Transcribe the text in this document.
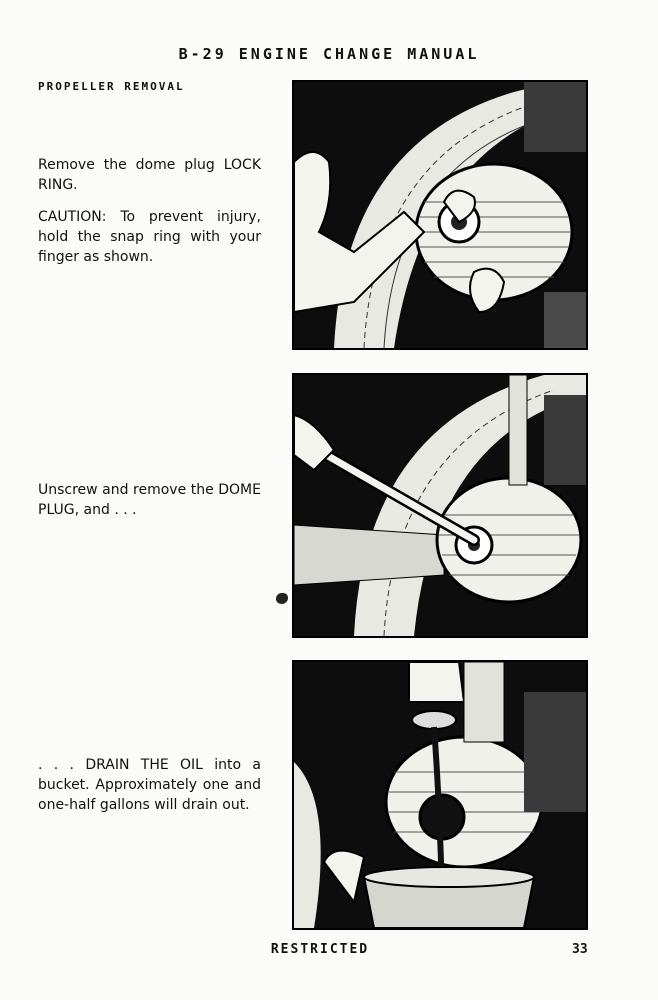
B-29 ENGINE CHANGE MANUAL
PROPELLER REMOVAL

Remove the dome plug LOCK RING.

CAUTION: To prevent injury, hold the snap ring with your finger as shown.

Unscrew and remove the DOME PLUG, and . . .

. . . DRAIN THE OIL into a bucket. Approximately one and one-half gallons will drain out.

RESTRICTED	33
